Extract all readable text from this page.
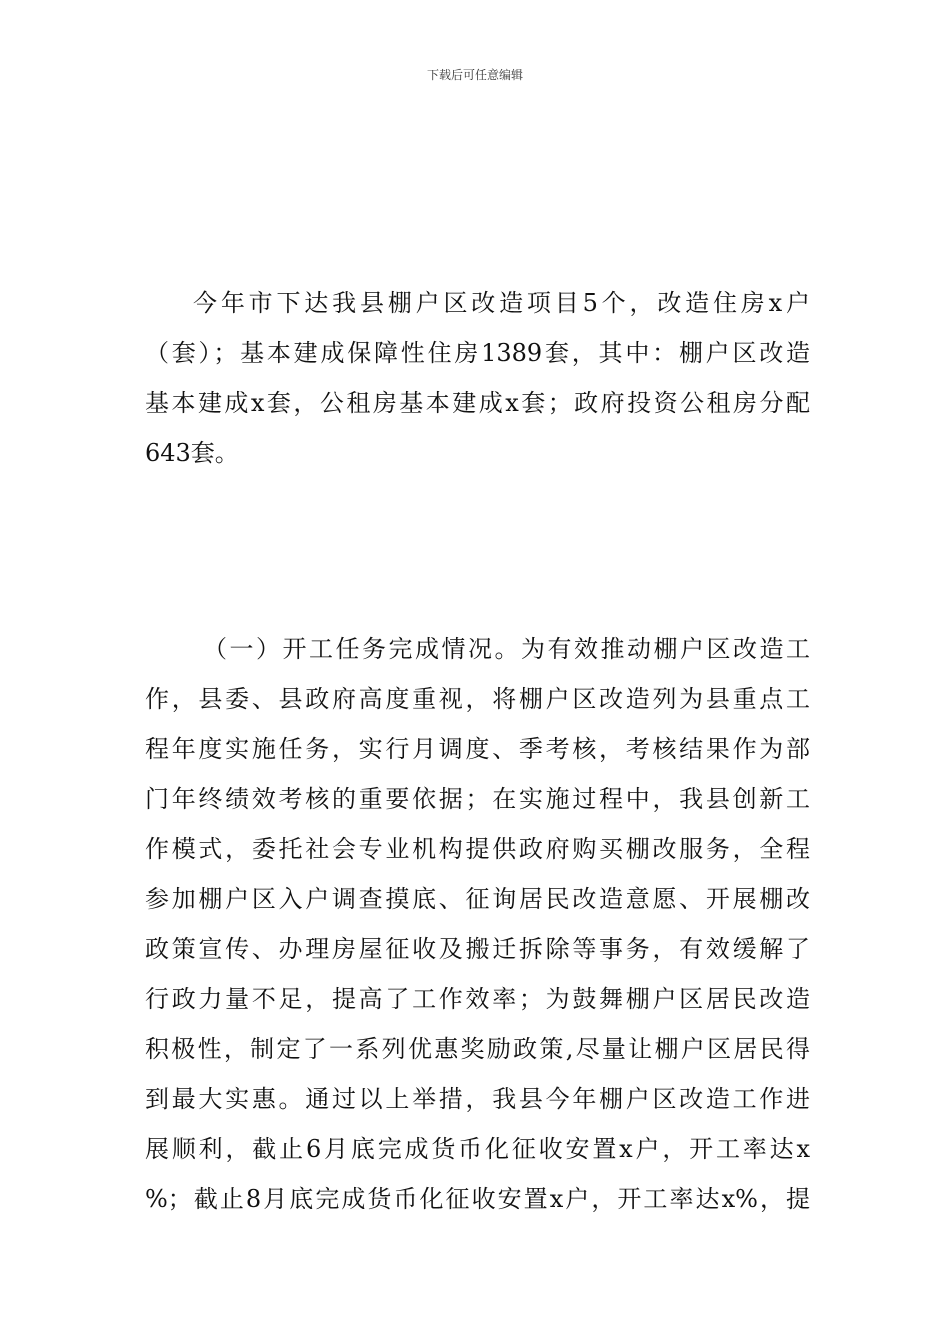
下载后可任意编辑
今年市下达我县棚户区改造项目5个，改造住房x户
（套）；基本建成保障性住房1389套，其中：棚户区改造
基本建成x套，公租房基本建成x套；政府投资公租房分配
643套。
（一）开工任务完成情况。为有效推动棚户区改造工
作，县委、县政府高度重视，将棚户区改造列为县重点工
程年度实施任务，实行月调度、季考核，考核结果作为部
门年终绩效考核的重要依据；在实施过程中，我县创新工
作模式，委托社会专业机构提供政府购买棚改服务，全程
参加棚户区入户调查摸底、征询居民改造意愿、开展棚改
政策宣传、办理房屋征收及搬迁拆除等事务，有效缓解了
行政力量不足，提高了工作效率；为鼓舞棚户区居民改造
积极性，制定了一系列优惠奖励政策,尽量让棚户区居民得
到最大实惠。通过以上举措，我县今年棚户区改造工作进
展顺利，截止6月底完成货币化征收安置x户，开工率达x
%；截止8月底完成货币化征收安置x户，开工率达x%，提
